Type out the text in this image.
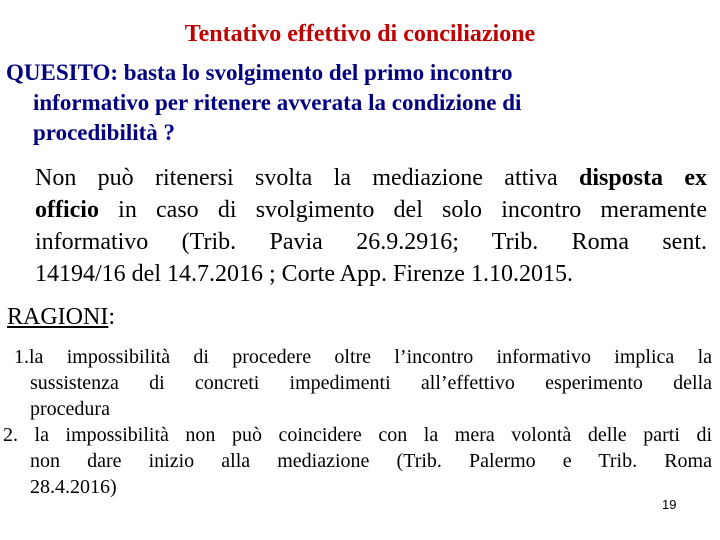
Tentativo effettivo di conciliazione
QUESITO: basta lo svolgimento del primo incontro
informativo per ritenere avverata la condizione di
procedibilità ?
Non può ritenersi svolta la mediazione attiva disposta ex
officio in caso di svolgimento del solo incontro meramente
informativo (Trib. Pavia 26.9.2916; Trib. Roma sent.
14194/16 del 14.7.2016 ; Corte App. Firenze 1.10.2015.
RAGIONI:
1.la impossibilità di procedere oltre l’incontro informativo implica la
sussistenza di concreti impedimenti all’effettivo esperimento della
procedura
2. la impossibilità non può coincidere con la mera volontà delle parti di
non dare inizio alla mediazione (Trib. Palermo e Trib. Roma
28.4.2016)
19
